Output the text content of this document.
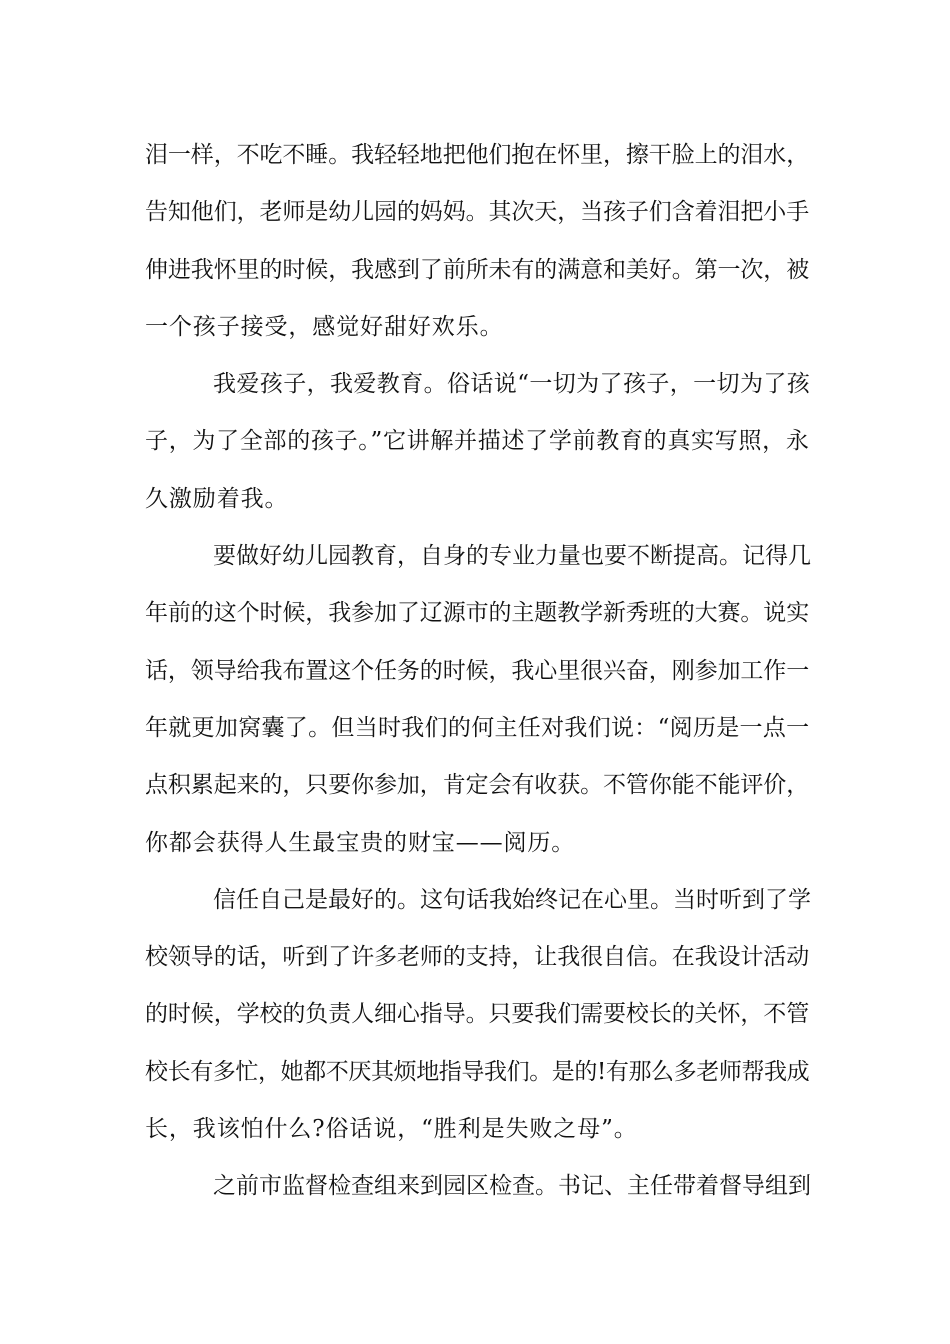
泪一样，不吃不睡。我轻轻地把他们抱在怀里，擦干脸上的泪水，
告知他们，老师是幼儿园的妈妈。其次天，当孩子们含着泪把小手
伸进我怀里的时候，我感到了前所未有的满意和美好。第一次，被
一个孩子接受，感觉好甜好欢乐。
我爱孩子，我爱教育。俗话说“一切为了孩子，一切为了孩
子，为了全部的孩子。”它讲解并描述了学前教育的真实写照，永
久激励着我。
要做好幼儿园教育，自身的专业力量也要不断提高。记得几
年前的这个时候，我参加了辽源市的主题教学新秀班的大赛。说实
话，领导给我布置这个任务的时候，我心里很兴奋，刚参加工作一
年就更加窝囊了。但当时我们的何主任对我们说：“阅历是一点一
点积累起来的，只要你参加，肯定会有收获。不管你能不能评价，
你都会获得人生最宝贵的财宝——阅历。
信任自己是最好的。这句话我始终记在心里。当时听到了学
校领导的话，听到了许多老师的支持，让我很自信。在我设计活动
的时候，学校的负责人细心指导。只要我们需要校长的关怀，不管
校长有多忙，她都不厌其烦地指导我们。是的!有那么多老师帮我成
长，我该怕什么?俗话说，“胜利是失败之母”。
之前市监督检查组来到园区检查。书记、主任带着督导组到
